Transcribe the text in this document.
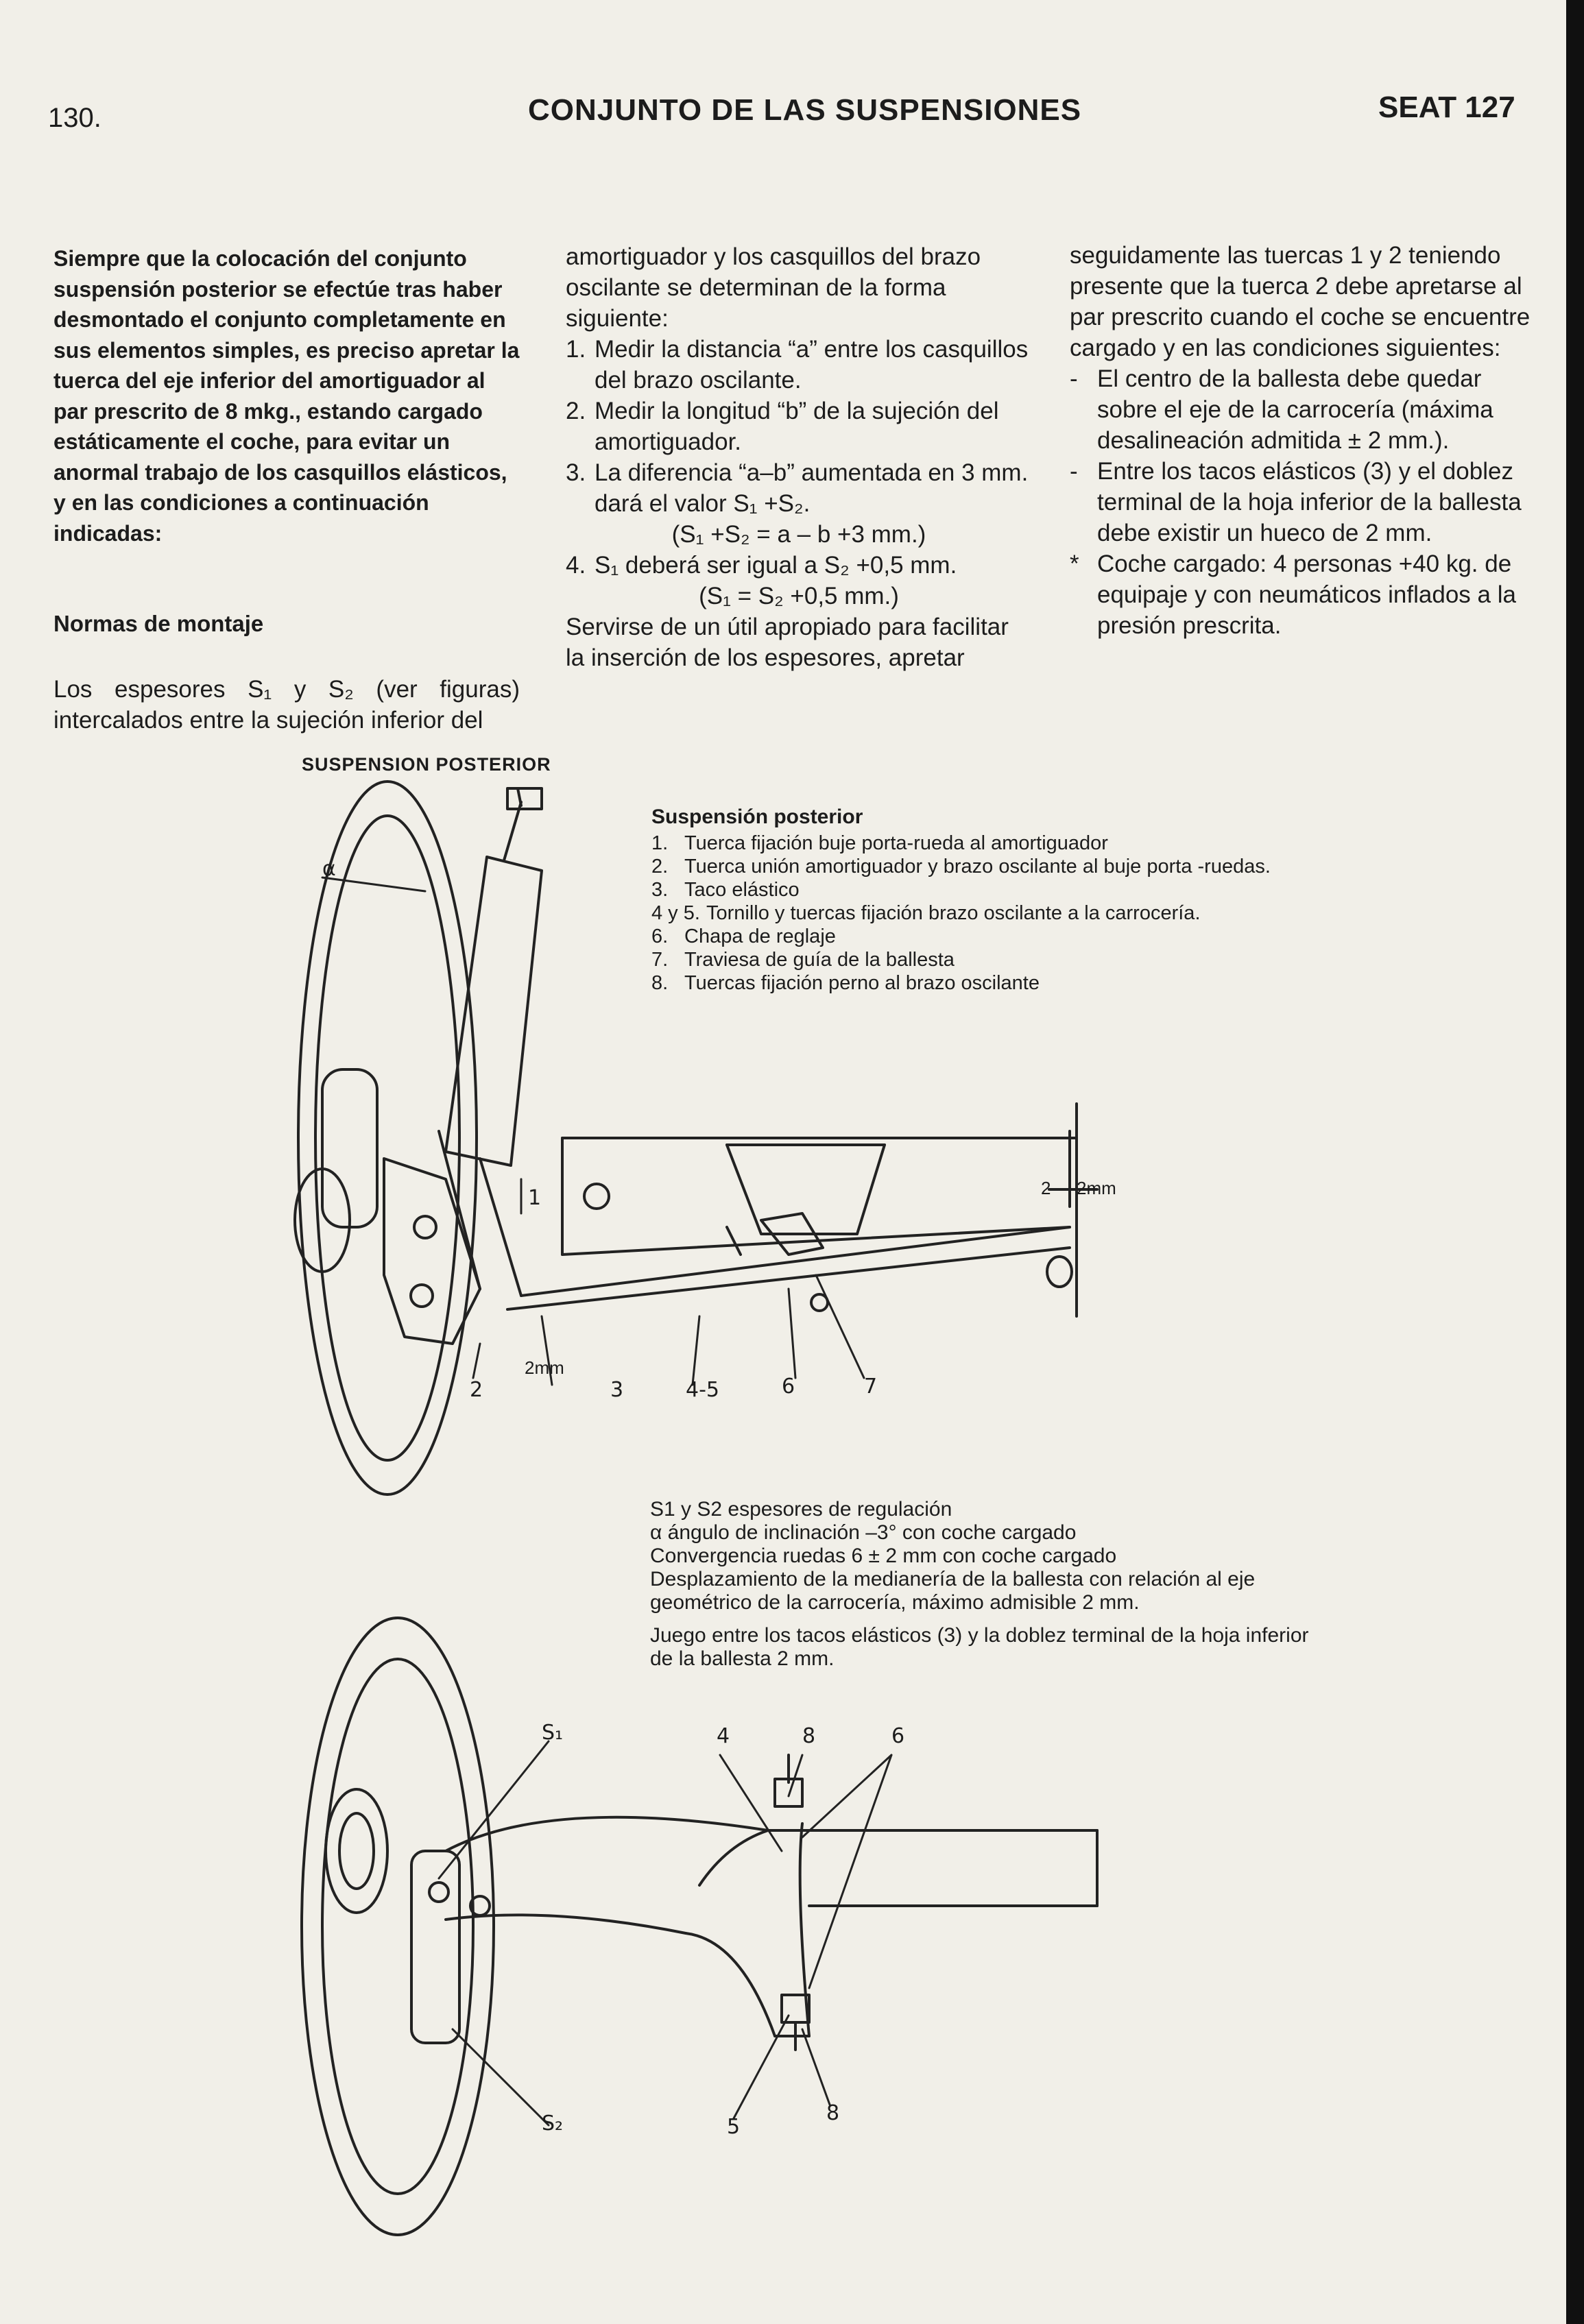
130.	CONJUNTO DE LAS SUSPENSIONES	SEAT 127
Siempre que la colocación del conjunto suspensión posterior se efectúe tras haber desmontado el conjunto completamente en sus elementos simples, es preciso apretar la tuerca del eje inferior del amortiguador al par prescrito de 8 mkg., estando cargado estáticamente el coche, para evitar un anormal trabajo de los casquillos elásticos, y en las condiciones a continuación indicadas:
Normas de montaje
Los espesores S₁ y S₂ (ver figuras) intercalados entre la sujeción inferior del

amortiguador y los casquillos del brazo oscilante se determinan de la forma siguiente:

1. Medir la distancia “a” entre los casquillos del brazo oscilante.
2. Medir la longitud “b” de la sujeción del amortiguador.
3. La diferencia “a–b” aumentada en 3 mm. dará el valor S₁ +S₂.
(S₁ +S₂ = a – b +3 mm.)
4. S₁ deberá ser igual a S₂ +0,5 mm.
(S₁ = S₂ +0,5 mm.)

Servirse de un útil apropiado para facilitar la inserción de los espesores, apretar

seguidamente las tuercas 1 y 2 teniendo presente que la tuerca 2 debe apretarse al par prescrito cuando el coche se encuentre cargado y en las condiciones siguientes:

- El centro de la ballesta debe quedar sobre el eje de la carrocería (máxima desalineación admitida ± 2 mm.).
- Entre los tacos elásticos (3) y el doblez terminal de la hoja inferior de la ballesta debe existir un hueco de 2 mm.
* Coche cargado: 4 personas +40 kg. de equipaje y con neumáticos inflados a la presión prescrita.
SUSPENSION POSTERIOR
α
1
2	3	4-5	6	7
2mm
2 2mm
S₁	4	8	6
S₂	5
8
Suspensión posterior
1. Tuerca fijación buje porta-rueda al amortiguador
2. Tuerca unión amortiguador y brazo oscilante al buje porta -ruedas.
3. Taco elástico
4 y 5. Tornillo y tuercas fijación brazo oscilante a la carrocería.
6. Chapa de reglaje
7. Traviesa de guía de la ballesta
8. Tuercas fijación perno al brazo oscilante

S1 y S2 espesores de regulación

α ángulo de inclinación –3° con coche cargado

Convergencia ruedas 6 ± 2 mm con coche cargado

Desplazamiento de la medianería de la ballesta con relación al eje geométrico de la carrocería, máximo admisible 2 mm.

Juego entre los tacos elásticos (3) y la doblez terminal de la hoja inferior de la ballesta 2 mm.
